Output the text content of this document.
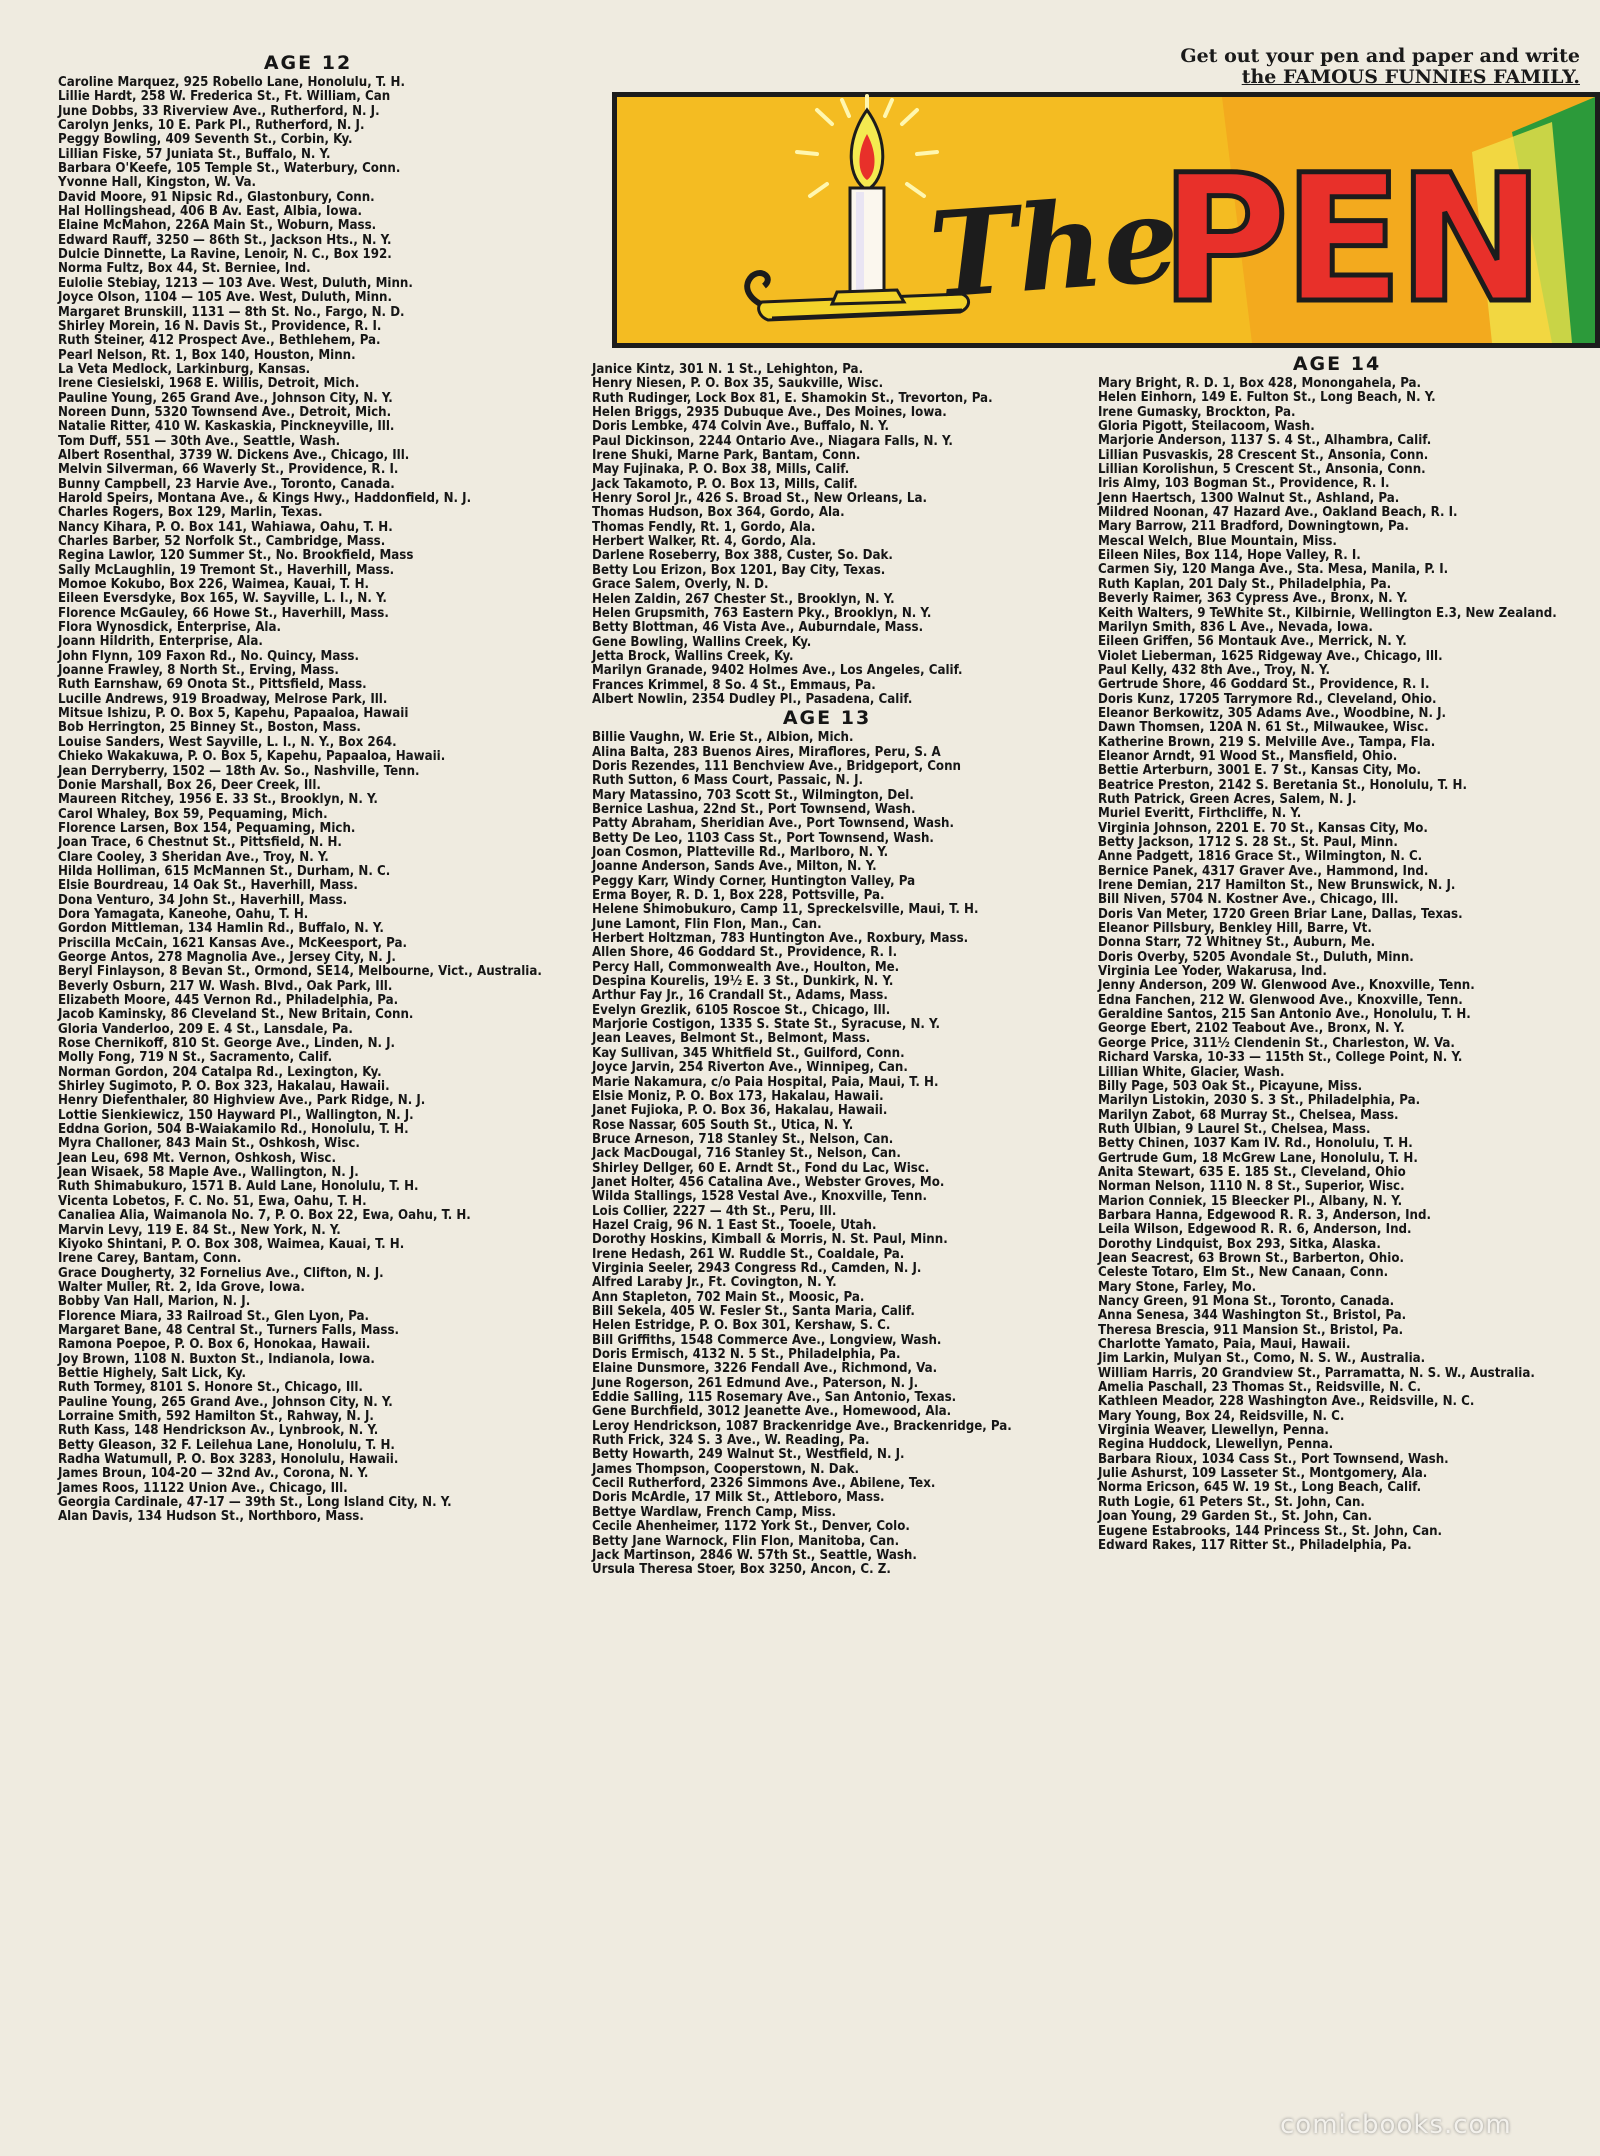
Get out your pen and paper and write
the FAMOUS FUNNIES FAMILY.
The
PEN
AGE 12
Caroline Marquez, 925 Robello Lane, Honolulu, T. H.
Lillie Hardt, 258 W. Frederica St., Ft. William, Can
June Dobbs, 33 Riverview Ave., Rutherford, N. J.
Carolyn Jenks, 10 E. Park Pl., Rutherford, N. J.
Peggy Bowling, 409 Seventh St., Corbin, Ky.
Lillian Fiske, 57 Juniata St., Buffalo, N. Y.
Barbara O'Keefe, 105 Temple St., Waterbury, Conn.
Yvonne Hall, Kingston, W. Va.
David Moore, 91 Nipsic Rd., Glastonbury, Conn.
Hal Hollingshead, 406 B Av. East, Albia, Iowa.
Elaine McMahon, 226A Main St., Woburn, Mass.
Edward Rauff, 3250 — 86th St., Jackson Hts., N. Y.
Dulcie Dinnette, La Ravine, Lenoir, N. C., Box 192.
Norma Fultz, Box 44, St. Berniee, Ind.
Eulolie Stebiay, 1213 — 103 Ave. West, Duluth, Minn.
Joyce Olson, 1104 — 105 Ave. West, Duluth, Minn.
Margaret Brunskill, 1131 — 8th St. No., Fargo, N. D.
Shirley Morein, 16 N. Davis St., Providence, R. I.
Ruth Steiner, 412 Prospect Ave., Bethlehem, Pa.
Pearl Nelson, Rt. 1, Box 140, Houston, Minn.
La Veta Medlock, Larkinburg, Kansas.
Irene Ciesielski, 1968 E. Willis, Detroit, Mich.
Pauline Young, 265 Grand Ave., Johnson City, N. Y.
Noreen Dunn, 5320 Townsend Ave., Detroit, Mich.
Natalie Ritter, 410 W. Kaskaskia, Pinckneyville, Ill.
Tom Duff, 551 — 30th Ave., Seattle, Wash.
Albert Rosenthal, 3739 W. Dickens Ave., Chicago, Ill.
Melvin Silverman, 66 Waverly St., Providence, R. I.
Bunny Campbell, 23 Harvie Ave., Toronto, Canada.
Harold Speirs, Montana Ave., & Kings Hwy., Haddonfield, N. J.
Charles Rogers, Box 129, Marlin, Texas.
Nancy Kihara, P. O. Box 141, Wahiawa, Oahu, T. H.
Charles Barber, 52 Norfolk St., Cambridge, Mass.
Regina Lawlor, 120 Summer St., No. Brookfield, Mass
Sally McLaughlin, 19 Tremont St., Haverhill, Mass.
Momoe Kokubo, Box 226, Waimea, Kauai, T. H.
Eileen Eversdyke, Box 165, W. Sayville, L. I., N. Y.
Florence McGauley, 66 Howe St., Haverhill, Mass.
Flora Wynosdick, Enterprise, Ala.
Joann Hildrith, Enterprise, Ala.
John Flynn, 109 Faxon Rd., No. Quincy, Mass.
Joanne Frawley, 8 North St., Erving, Mass.
Ruth Earnshaw, 69 Onota St., Pittsfield, Mass.
Lucille Andrews, 919 Broadway, Melrose Park, Ill.
Mitsue Ishizu, P. O. Box 5, Kapehu, Papaaloa, Hawaii
Bob Herrington, 25 Binney St., Boston, Mass.
Louise Sanders, West Sayville, L. I., N. Y., Box 264.
Chieko Wakakuwa, P. O. Box 5, Kapehu, Papaaloa, Hawaii.
Jean Derryberry, 1502 — 18th Av. So., Nashville, Tenn.
Donie Marshall, Box 26, Deer Creek, Ill.
Maureen Ritchey, 1956 E. 33 St., Brooklyn, N. Y.
Carol Whaley, Box 59, Pequaming, Mich.
Florence Larsen, Box 154, Pequaming, Mich.
Joan Trace, 6 Chestnut St., Pittsfield, N. H.
Clare Cooley, 3 Sheridan Ave., Troy, N. Y.
Hilda Holliman, 615 McMannen St., Durham, N. C.
Elsie Bourdreau, 14 Oak St., Haverhill, Mass.
Dona Venturo, 34 John St., Haverhill, Mass.
Dora Yamagata, Kaneohe, Oahu, T. H.
Gordon Mittleman, 134 Hamlin Rd., Buffalo, N. Y.
Priscilla McCain, 1621 Kansas Ave., McKeesport, Pa.
George Antos, 278 Magnolia Ave., Jersey City, N. J.
Beryl Finlayson, 8 Bevan St., Ormond, SE14, Melbourne, Vict., Australia.
Beverly Osburn, 217 W. Wash. Blvd., Oak Park, Ill.
Elizabeth Moore, 445 Vernon Rd., Philadelphia, Pa.
Jacob Kaminsky, 86 Cleveland St., New Britain, Conn.
Gloria Vanderloo, 209 E. 4 St., Lansdale, Pa.
Rose Chernikoff, 810 St. George Ave., Linden, N. J.
Molly Fong, 719 N St., Sacramento, Calif.
Norman Gordon, 204 Catalpa Rd., Lexington, Ky.
Shirley Sugimoto, P. O. Box 323, Hakalau, Hawaii.
Henry Diefenthaler, 80 Highview Ave., Park Ridge, N. J.
Lottie Sienkiewicz, 150 Hayward Pl., Wallington, N. J.
Eddna Gorion, 504 B-Waiakamilo Rd., Honolulu, T. H.
Myra Challoner, 843 Main St., Oshkosh, Wisc.
Jean Leu, 698 Mt. Vernon, Oshkosh, Wisc.
Jean Wisaek, 58 Maple Ave., Wallington, N. J.
Ruth Shimabukuro, 1571 B. Auld Lane, Honolulu, T. H.
Vicenta Lobetos, F. C. No. 51, Ewa, Oahu, T. H.
Canaliea Alia, Waimanola No. 7, P. O. Box 22, Ewa, Oahu, T. H.
Marvin Levy, 119 E. 84 St., New York, N. Y.
Kiyoko Shintani, P. O. Box 308, Waimea, Kauai, T. H.
Irene Carey, Bantam, Conn.
Grace Dougherty, 32 Fornelius Ave., Clifton, N. J.
Walter Muller, Rt. 2, Ida Grove, Iowa.
Bobby Van Hall, Marion, N. J.
Florence Miara, 33 Railroad St., Glen Lyon, Pa.
Margaret Bane, 48 Central St., Turners Falls, Mass.
Ramona Poepoe, P. O. Box 6, Honokaa, Hawaii.
Joy Brown, 1108 N. Buxton St., Indianola, Iowa.
Bettie Highely, Salt Lick, Ky.
Ruth Tormey, 8101 S. Honore St., Chicago, Ill.
Pauline Young, 265 Grand Ave., Johnson City, N. Y.
Lorraine Smith, 592 Hamilton St., Rahway, N. J.
Ruth Kass, 148 Hendrickson Av., Lynbrook, N. Y.
Betty Gleason, 32 F. Leilehua Lane, Honolulu, T. H.
Radha Watumull, P. O. Box 3283, Honolulu, Hawaii.
James Broun, 104-20 — 32nd Av., Corona, N. Y.
James Roos, 11122 Union Ave., Chicago, Ill.
Georgia Cardinale, 47-17 — 39th St., Long Island City, N. Y.
Alan Davis, 134 Hudson St., Northboro, Mass.
Janice Kintz, 301 N. 1 St., Lehighton, Pa.
Henry Niesen, P. O. Box 35, Saukville, Wisc.
Ruth Rudinger, Lock Box 81, E. Shamokin St., Trevorton, Pa.
Helen Briggs, 2935 Dubuque Ave., Des Moines, Iowa.
Doris Lembke, 474 Colvin Ave., Buffalo, N. Y.
Paul Dickinson, 2244 Ontario Ave., Niagara Falls, N. Y.
Irene Shuki, Marne Park, Bantam, Conn.
May Fujinaka, P. O. Box 38, Mills, Calif.
Jack Takamoto, P. O. Box 13, Mills, Calif.
Henry Sorol Jr., 426 S. Broad St., New Orleans, La.
Thomas Hudson, Box 364, Gordo, Ala.
Thomas Fendly, Rt. 1, Gordo, Ala.
Herbert Walker, Rt. 4, Gordo, Ala.
Darlene Roseberry, Box 388, Custer, So. Dak.
Betty Lou Erizon, Box 1201, Bay City, Texas.
Grace Salem, Overly, N. D.
Helen Zaldin, 267 Chester St., Brooklyn, N. Y.
Helen Grupsmith, 763 Eastern Pky., Brooklyn, N. Y.
Betty Blottman, 46 Vista Ave., Auburndale, Mass.
Gene Bowling, Wallins Creek, Ky.
Jetta Brock, Wallins Creek, Ky.
Marilyn Granade, 9402 Holmes Ave., Los Angeles, Calif.
Frances Krimmel, 8 So. 4 St., Emmaus, Pa.
Albert Nowlin, 2354 Dudley Pl., Pasadena, Calif.
AGE 13
Billie Vaughn, W. Erie St., Albion, Mich.
Alina Balta, 283 Buenos Aires, Miraflores, Peru, S. A
Doris Rezendes, 111 Benchview Ave., Bridgeport, Conn
Ruth Sutton, 6 Mass Court, Passaic, N. J.
Mary Matassino, 703 Scott St., Wilmington, Del.
Bernice Lashua, 22nd St., Port Townsend, Wash.
Patty Abraham, Sheridian Ave., Port Townsend, Wash.
Betty De Leo, 1103 Cass St., Port Townsend, Wash.
Joan Cosmon, Platteville Rd., Marlboro, N. Y.
Joanne Anderson, Sands Ave., Milton, N. Y.
Peggy Karr, Windy Corner, Huntington Valley, Pa
Erma Boyer, R. D. 1, Box 228, Pottsville, Pa.
Helene Shimobukuro, Camp 11, Spreckelsville, Maui, T. H.
June Lamont, Flin Flon, Man., Can.
Herbert Holtzman, 783 Huntington Ave., Roxbury, Mass.
Allen Shore, 46 Goddard St., Providence, R. I.
Percy Hall, Commonwealth Ave., Houlton, Me.
Despina Kourelis, 19½ E. 3 St., Dunkirk, N. Y.
Arthur Fay Jr., 16 Crandall St., Adams, Mass.
Evelyn Grezlik, 6105 Roscoe St., Chicago, Ill.
Marjorie Costigon, 1335 S. State St., Syracuse, N. Y.
Jean Leaves, Belmont St., Belmont, Mass.
Kay Sullivan, 345 Whitfield St., Guilford, Conn.
Joyce Jarvin, 254 Riverton Ave., Winnipeg, Can.
Marie Nakamura, c/o Paia Hospital, Paia, Maui, T. H.
Elsie Moniz, P. O. Box 173, Hakalau, Hawaii.
Janet Fujioka, P. O. Box 36, Hakalau, Hawaii.
Rose Nassar, 605 South St., Utica, N. Y.
Bruce Arneson, 718 Stanley St., Nelson, Can.
Jack MacDougal, 716 Stanley St., Nelson, Can.
Shirley Dellger, 60 E. Arndt St., Fond du Lac, Wisc.
Janet Holter, 456 Catalina Ave., Webster Groves, Mo.
Wilda Stallings, 1528 Vestal Ave., Knoxville, Tenn.
Lois Collier, 2227 — 4th St., Peru, Ill.
Hazel Craig, 96 N. 1 East St., Tooele, Utah.
Dorothy Hoskins, Kimball & Morris, N. St. Paul, Minn.
Irene Hedash, 261 W. Ruddle St., Coaldale, Pa.
Virginia Seeler, 2943 Congress Rd., Camden, N. J.
Alfred Laraby Jr., Ft. Covington, N. Y.
Ann Stapleton, 702 Main St., Moosic, Pa.
Bill Sekela, 405 W. Fesler St., Santa Maria, Calif.
Helen Estridge, P. O. Box 301, Kershaw, S. C.
Bill Griffiths, 1548 Commerce Ave., Longview, Wash.
Doris Ermisch, 4132 N. 5 St., Philadelphia, Pa.
Elaine Dunsmore, 3226 Fendall Ave., Richmond, Va.
June Rogerson, 261 Edmund Ave., Paterson, N. J.
Eddie Salling, 115 Rosemary Ave., San Antonio, Texas.
Gene Burchfield, 3012 Jeanette Ave., Homewood, Ala.
Leroy Hendrickson, 1087 Brackenridge Ave., Brackenridge, Pa.
Ruth Frick, 324 S. 3 Ave., W. Reading, Pa.
Betty Howarth, 249 Walnut St., Westfield, N. J.
James Thompson, Cooperstown, N. Dak.
Cecil Rutherford, 2326 Simmons Ave., Abilene, Tex.
Doris McArdle, 17 Milk St., Attleboro, Mass.
Bettye Wardlaw, French Camp, Miss.
Cecile Ahenheimer, 1172 York St., Denver, Colo.
Betty Jane Warnock, Flin Flon, Manitoba, Can.
Jack Martinson, 2846 W. 57th St., Seattle, Wash.
Ursula Theresa Stoer, Box 3250, Ancon, C. Z.
AGE 14
Mary Bright, R. D. 1, Box 428, Monongahela, Pa.
Helen Einhorn, 149 E. Fulton St., Long Beach, N. Y.
Irene Gumasky, Brockton, Pa.
Gloria Pigott, Steilacoom, Wash.
Marjorie Anderson, 1137 S. 4 St., Alhambra, Calif.
Lillian Pusvaskis, 28 Crescent St., Ansonia, Conn.
Lillian Korolishun, 5 Crescent St., Ansonia, Conn.
Iris Almy, 103 Bogman St., Providence, R. I.
Jenn Haertsch, 1300 Walnut St., Ashland, Pa.
Mildred Noonan, 47 Hazard Ave., Oakland Beach, R. I.
Mary Barrow, 211 Bradford, Downingtown, Pa.
Mescal Welch, Blue Mountain, Miss.
Eileen Niles, Box 114, Hope Valley, R. I.
Carmen Siy, 120 Manga Ave., Sta. Mesa, Manila, P. I.
Ruth Kaplan, 201 Daly St., Philadelphia, Pa.
Beverly Raimer, 363 Cypress Ave., Bronx, N. Y.
Keith Walters, 9 TeWhite St., Kilbirnie, Wellington E.3, New Zealand.
Marilyn Smith, 836 L Ave., Nevada, Iowa.
Eileen Griffen, 56 Montauk Ave., Merrick, N. Y.
Violet Lieberman, 1625 Ridgeway Ave., Chicago, Ill.
Paul Kelly, 432 8th Ave., Troy, N. Y.
Gertrude Shore, 46 Goddard St., Providence, R. I.
Doris Kunz, 17205 Tarrymore Rd., Cleveland, Ohio.
Eleanor Berkowitz, 305 Adams Ave., Woodbine, N. J.
Dawn Thomsen, 120A N. 61 St., Milwaukee, Wisc.
Katherine Brown, 219 S. Melville Ave., Tampa, Fla.
Eleanor Arndt, 91 Wood St., Mansfield, Ohio.
Bettie Arterburn, 3001 E. 7 St., Kansas City, Mo.
Beatrice Preston, 2142 S. Beretania St., Honolulu, T. H.
Ruth Patrick, Green Acres, Salem, N. J.
Muriel Everitt, Firthcliffe, N. Y.
Virginia Johnson, 2201 E. 70 St., Kansas City, Mo.
Betty Jackson, 1712 S. 28 St., St. Paul, Minn.
Anne Padgett, 1816 Grace St., Wilmington, N. C.
Bernice Panek, 4317 Graver Ave., Hammond, Ind.
Irene Demian, 217 Hamilton St., New Brunswick, N. J.
Bill Niven, 5704 N. Kostner Ave., Chicago, Ill.
Doris Van Meter, 1720 Green Briar Lane, Dallas, Texas.
Eleanor Pillsbury, Benkley Hill, Barre, Vt.
Donna Starr, 72 Whitney St., Auburn, Me.
Doris Overby, 5205 Avondale St., Duluth, Minn.
Virginia Lee Yoder, Wakarusa, Ind.
Jenny Anderson, 209 W. Glenwood Ave., Knoxville, Tenn.
Edna Fanchen, 212 W. Glenwood Ave., Knoxville, Tenn.
Geraldine Santos, 215 San Antonio Ave., Honolulu, T. H.
George Ebert, 2102 Teabout Ave., Bronx, N. Y.
George Price, 311½ Clendenin St., Charleston, W. Va.
Richard Varska, 10-33 — 115th St., College Point, N. Y.
Lillian White, Glacier, Wash.
Billy Page, 503 Oak St., Picayune, Miss.
Marilyn Listokin, 2030 S. 3 St., Philadelphia, Pa.
Marilyn Zabot, 68 Murray St., Chelsea, Mass.
Ruth Ulbian, 9 Laurel St., Chelsea, Mass.
Betty Chinen, 1037 Kam IV. Rd., Honolulu, T. H.
Gertrude Gum, 18 McGrew Lane, Honolulu, T. H.
Anita Stewart, 635 E. 185 St., Cleveland, Ohio
Norman Nelson, 1110 N. 8 St., Superior, Wisc.
Marion Conniek, 15 Bleecker Pl., Albany, N. Y.
Barbara Hanna, Edgewood R. R. 3, Anderson, Ind.
Leila Wilson, Edgewood R. R. 6, Anderson, Ind.
Dorothy Lindquist, Box 293, Sitka, Alaska.
Jean Seacrest, 63 Brown St., Barberton, Ohio.
Celeste Totaro, Elm St., New Canaan, Conn.
Mary Stone, Farley, Mo.
Nancy Green, 91 Mona St., Toronto, Canada.
Anna Senesa, 344 Washington St., Bristol, Pa.
Theresa Brescia, 911 Mansion St., Bristol, Pa.
Charlotte Yamato, Paia, Maui, Hawaii.
Jim Larkin, Mulyan St., Como, N. S. W., Australia.
William Harris, 20 Grandview St., Parramatta, N. S. W., Australia.
Amelia Paschall, 23 Thomas St., Reidsville, N. C.
Kathleen Meador, 228 Washington Ave., Reidsville, N. C.
Mary Young, Box 24, Reidsville, N. C.
Virginia Weaver, Llewellyn, Penna.
Regina Huddock, Llewellyn, Penna.
Barbara Rioux, 1034 Cass St., Port Townsend, Wash.
Julie Ashurst, 109 Lasseter St., Montgomery, Ala.
Norma Ericson, 645 W. 19 St., Long Beach, Calif.
Ruth Logie, 61 Peters St., St. John, Can.
Joan Young, 29 Garden St., St. John, Can.
Eugene Estabrooks, 144 Princess St., St. John, Can.
Edward Rakes, 117 Ritter St., Philadelphia, Pa.
comicbooks.com
